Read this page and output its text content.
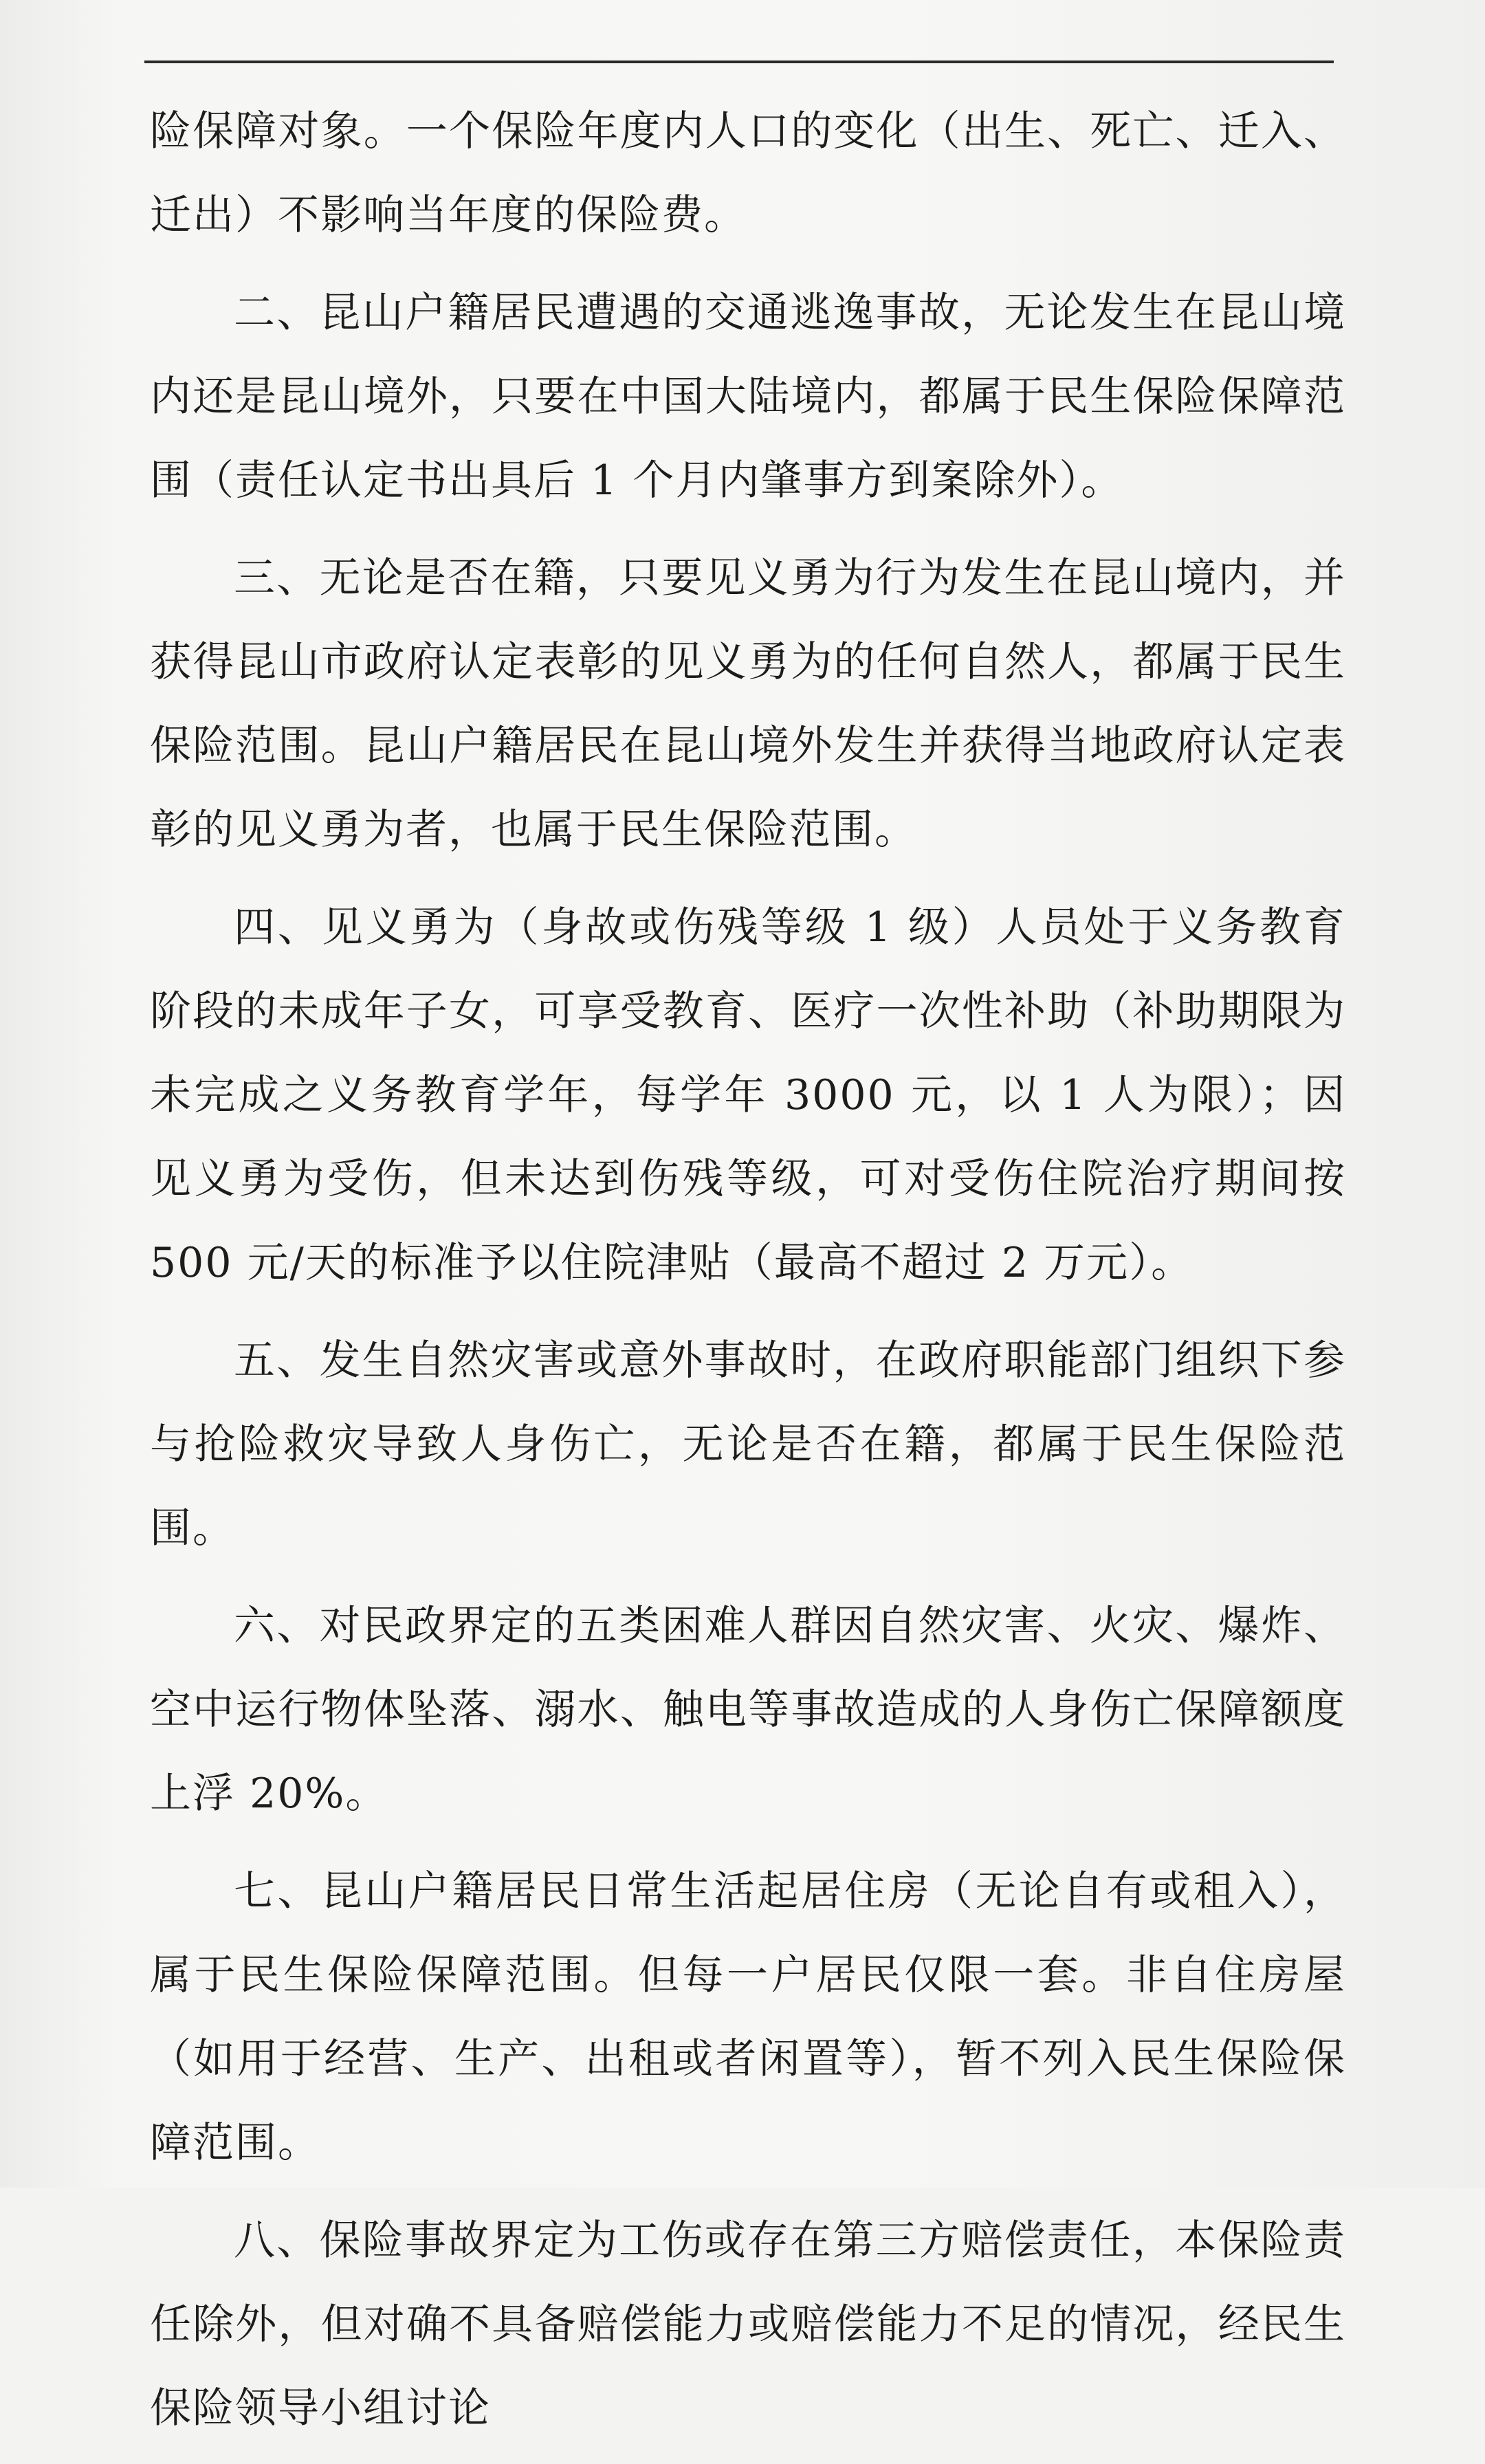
险保障对象。一个保险年度内人口的变化（出生、死亡、迁入、迁出）不影响当年度的保险费。

二、昆山户籍居民遭遇的交通逃逸事故，无论发生在昆山境内还是昆山境外，只要在中国大陆境内，都属于民生保险保障范围（责任认定书出具后 1 个月内肇事方到案除外）。

三、无论是否在籍，只要见义勇为行为发生在昆山境内，并获得昆山市政府认定表彰的见义勇为的任何自然人，都属于民生保险范围。昆山户籍居民在昆山境外发生并获得当地政府认定表彰的见义勇为者，也属于民生保险范围。

四、见义勇为（身故或伤残等级 1 级）人员处于义务教育阶段的未成年子女，可享受教育、医疗一次性补助（补助期限为未完成之义务教育学年，每学年 3000 元，以 1 人为限）；因见义勇为受伤，但未达到伤残等级，可对受伤住院治疗期间按 500 元/天的标准予以住院津贴（最高不超过 2 万元）。

五、发生自然灾害或意外事故时，在政府职能部门组织下参与抢险救灾导致人身伤亡，无论是否在籍，都属于民生保险范围。

六、对民政界定的五类困难人群因自然灾害、火灾、爆炸、空中运行物体坠落、溺水、触电等事故造成的人身伤亡保障额度上浮 20%。

七、昆山户籍居民日常生活起居住房（无论自有或租入），属于民生保险保障范围。但每一户居民仅限一套。非自住房屋（如用于经营、生产、出租或者闲置等），暂不列入民生保险保障范围。

八、保险事故界定为工伤或存在第三方赔偿责任，本保险责任除外，但对确不具备赔偿能力或赔偿能力不足的情况，经民生保险领导小组讨论
